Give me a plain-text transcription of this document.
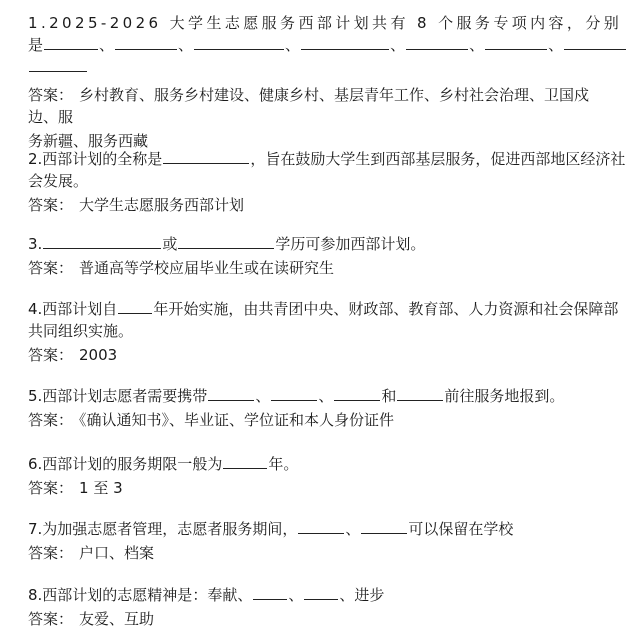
1.2025-2026 大学生志愿服务西部计划共有 8 个服务专项内容，分别
是	、	、	、	、	、	、
答案： 乡村教育、服务乡村建设、健康乡村、基层青年工作、乡村社会治理、卫国戍边、服
务新疆、服务西藏
2.西部计划的全称是	，旨在鼓励大学生到西部基层服务，促进西部地区经济社
会发展。
答案： 大学生志愿服务西部计划
3.	或	学历可参加西部计划。
答案： 普通高等学校应届毕业生或在读研究生
4.西部计划自 年开始实施，由共青团中央、财政部、教育部、人力资源和社会保障部
共同组织实施。
答案： 2003
5.西部计划志愿者需要携带	、	、	和	前往服务地报到。
答案： 《确认通知书》、毕业证、学位证和本人身份证件
6.西部计划的服务期限一般为	年。
答案： 1 至 3
7.为加强志愿者管理，志愿者服务期间，	、	可以保留在学校
答案： 户口、档案
8.西部计划的志愿精神是：奉献、 、 、进步
答案： 友爱、互助
